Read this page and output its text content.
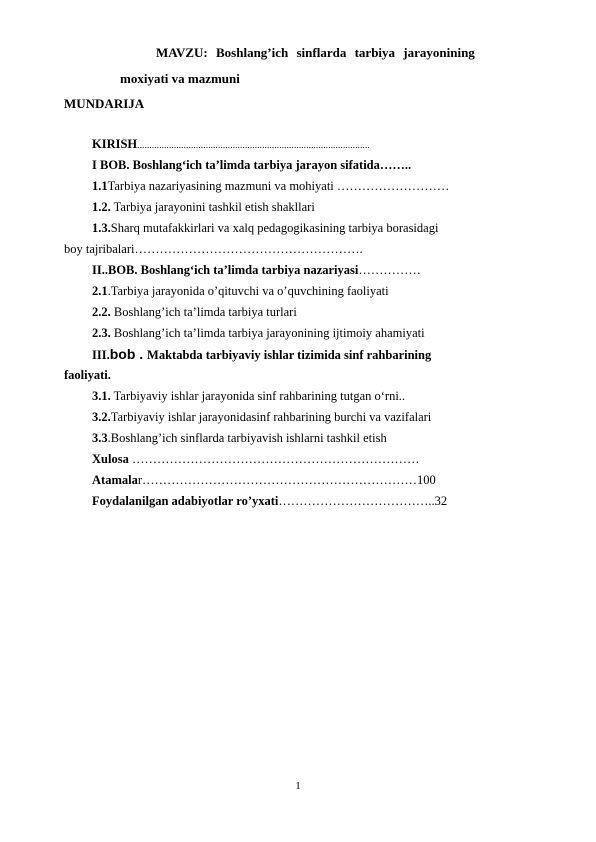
MAVZU: Boshlang’ich sinflarda tarbiya jarayonining
moxiyati va mazmuni
MUNDARIJA
KIRISH...............................................................................................
I BOB. Boshlang‘ich ta’limda tarbiya jarayon sifatida……..
1.1Tarbiya nazariyasining mazmuni va mohiyati ………………………
1.2. Tarbiya jarayonini tashkil etish shakllari
1.3.Sharq mutafakkirlari va xalq pedagogikasining tarbiya borasidagi
boy tajribalari……………………………………………….
II..BOB. Boshlang‘ich ta’limda tarbiya nazariyasi……………
2.1.Tarbiya jarayonida o’qituvchi va o’quvchining faoliyati
2.2. Boshlang’ich ta’limda tarbiya turlari
2.3. Boshlang’ich ta’limda tarbiya jarayonining ijtimoiy ahamiyati
III.bob . Maktabda tarbiyaviy ishlar tizimida sinf rahbarining
faoliyati.
3.1. Tarbiyaviy ishlar jarayonida sinf rahbarining tutgan o‘rni..
3.2.Tarbiyaviy ishlar jarayonidasinf rahbarining burchi va vazifalari
3.3.Boshlang’ich sinflarda tarbiyavish ishlarni tashkil etish
Xulosa ……………………………………………………………
Atamalar…………………………………………………………100
Foydalanilgan adabiyotlar ro’yxati………………………………..32
1
